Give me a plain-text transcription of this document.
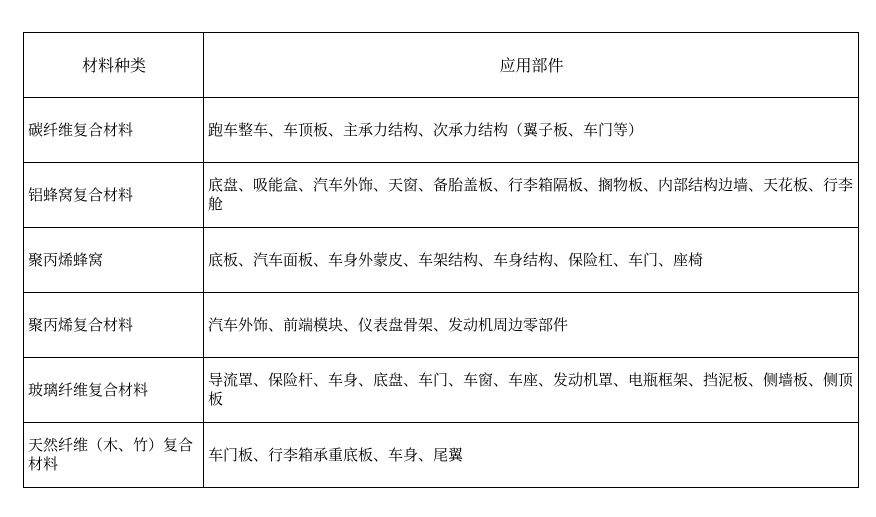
材料种类	应用部件
碳纤维复合材料	跑车整车、车顶板、主承力结构、次承力结构（翼子板、车门等）
铝蜂窝复合材料	底盘、吸能盒、汽车外饰、天窗、备胎盖板、行李箱隔板、搁物板、内部结构边墙、天花板、行李舱
聚丙烯蜂窝	底板、汽车面板、车身外蒙皮、车架结构、车身结构、保险杠、车门、座椅
聚丙烯复合材料	汽车外饰、前端模块、仪表盘骨架、发动机周边零部件
玻璃纤维复合材料	导流罩、保险杆、车身、底盘、车门、车窗、车座、发动机罩、电瓶框架、挡泥板、侧墙板、侧顶板
天然纤维（木、竹）复合材料	车门板、行李箱承重底板、车身、尾翼
